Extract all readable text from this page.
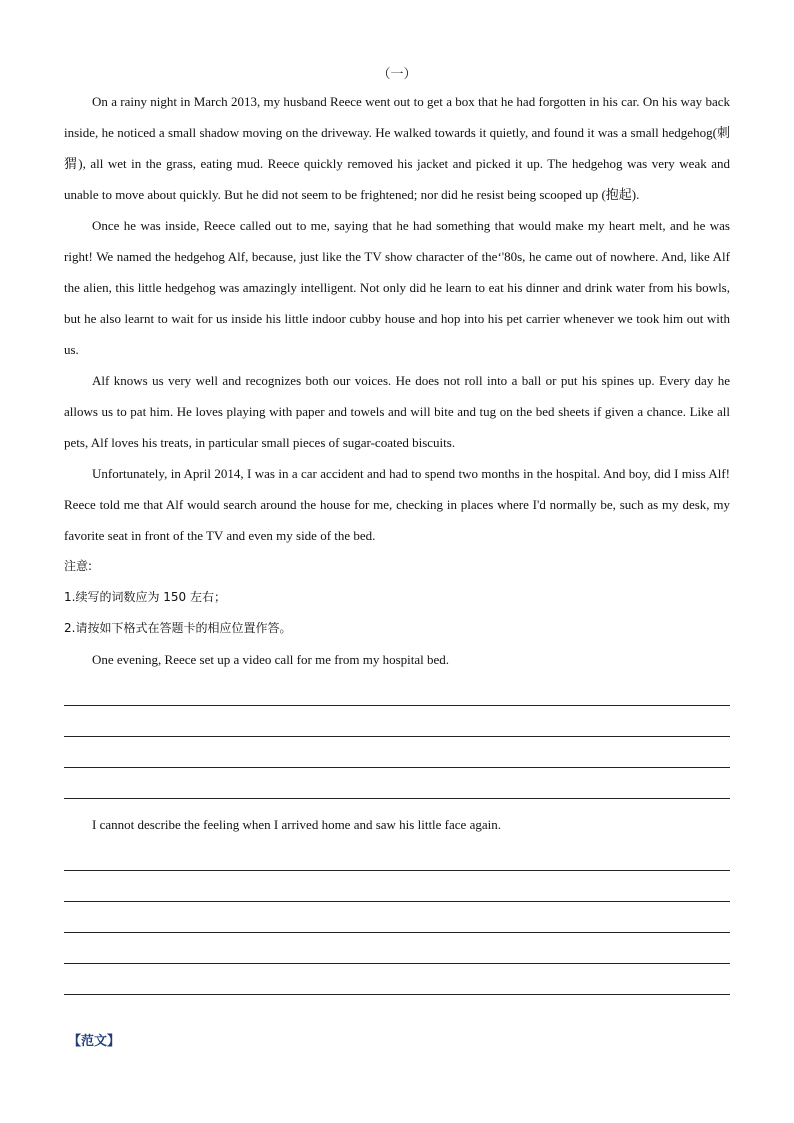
（一）

On a rainy night in March 2013, my husband Reece went out to get a box that he had forgotten in his car. On his way back inside, he noticed a small shadow moving on the driveway. He walked towards it quietly, and found it was a small hedgehog(刺猬), all wet in the grass, eating mud. Reece quickly removed his jacket and picked it up. The hedgehog was very weak and unable to move about quickly. But he did not seem to be frightened; nor did he resist being scooped up (抱起).

Once he was inside, Reece called out to me, saying that he had something that would make my heart melt, and he was right! We named the hedgehog Alf, because, just like the TV show character of the‘'80s, he came out of nowhere. And, like Alf the alien, this little hedgehog was amazingly intelligent. Not only did he learn to eat his dinner and drink water from his bowls, but he also learnt to wait for us inside his little indoor cubby house and hop into his pet carrier whenever we took him out with us.

Alf knows us very well and recognizes both our voices. He does not roll into a ball or put his spines up. Every day he allows us to pat him. He loves playing with paper and towels and will bite and tug on the bed sheets if given a chance. Like all pets, Alf loves his treats, in particular small pieces of sugar-coated biscuits.

Unfortunately, in April 2014, I was in a car accident and had to spend two months in the hospital. And boy, did I miss Alf! Reece told me that Alf would search around the house for me, checking in places where I'd normally be, such as my desk, my favorite seat in front of the TV and even my side of the bed.

注意:

1.续写的词数应为 150 左右；

2.请按如下格式在答题卡的相应位置作答。

One evening, Reece set up a video call for me from my hospital bed.

I cannot describe the feeling when I arrived home and saw his little face again.

【范文】
